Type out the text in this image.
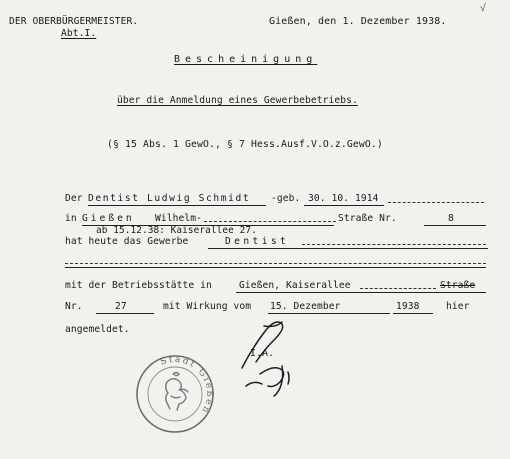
DER OBERBÜRGERMEISTER.
Abt.I.
Gießen, den 1. Dezember 1938.
√
Bescheinigung
über die Anmeldung eines Gewerbebetriebs.
(§ 15 Abs. 1 GewO., § 7 Hess.Ausf.V.O.z.GewO.)
Der Dentist Ludwig Schmidt -geb. 30. 10. 1914
in Gießen Wilhelm-	Straße Nr.	8
ab 15.12.38: Kaiserallee 27.
hat heute das Gewerbe	Dentist
mit der Betriebsstätte in	Gießen, Kaiserallee	Straße
Nr.	27	mit Wirkung vom 15. Dezember	1938	hier
angemeldet.
Stadt Gießen
I.A.
